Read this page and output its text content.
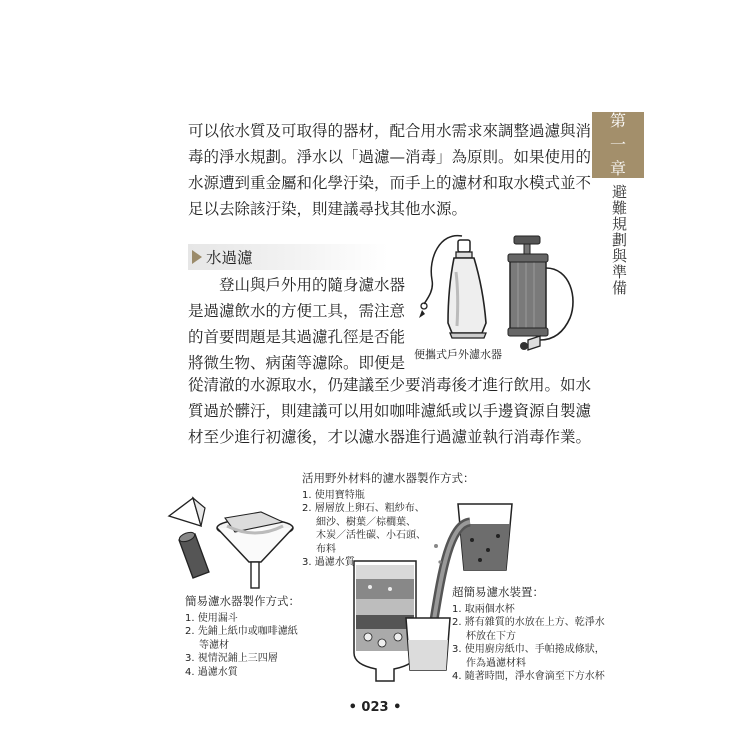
可以依水質及可取得的器材，配合用水需求來調整過濾與消
毒的淨水規劃。淨水以「過濾—消毒」為原則。如果使用的
水源遭到重金屬和化學汙染，而手上的濾材和取水模式並不
足以去除該汙染，則建議尋找其他水源。
水過濾
登山與戶外用的隨身濾水器
是過濾飲水的方便工具，需注意
的首要問題是其過濾孔徑是否能
將微生物、病菌等濾除。即便是
從清澈的水源取水，仍建議至少要消毒後才進行飲用。如水
質過於髒汙，則建議可以用如咖啡濾紙或以手邊資源自製濾
材至少進行初濾後，才以濾水器進行過濾並執行消毒作業。
第
一
章
避難規劃與準備
便攜式戶外濾水器
活用野外材料的濾水器製作方式：
1. 使用寶特瓶
2. 層層放上卵石、粗紗布、
細沙、樹葉／棕櫚葉、
木炭／活性碳、小石頭、
布料
3. 過濾水質
簡易濾水器製作方式：
1. 使用漏斗
2. 先鋪上紙巾或咖啡濾紙
等濾材
3. 視情況鋪上三四層
4. 過濾水質
超簡易濾水裝置：
1. 取兩個水杯
2. 將有雜質的水放在上方、乾淨水
杯放在下方
3. 使用廚房紙巾、手帕捲成條狀，
作為過濾材料
4. 隨著時間，淨水會滴至下方水杯
• 023 •
